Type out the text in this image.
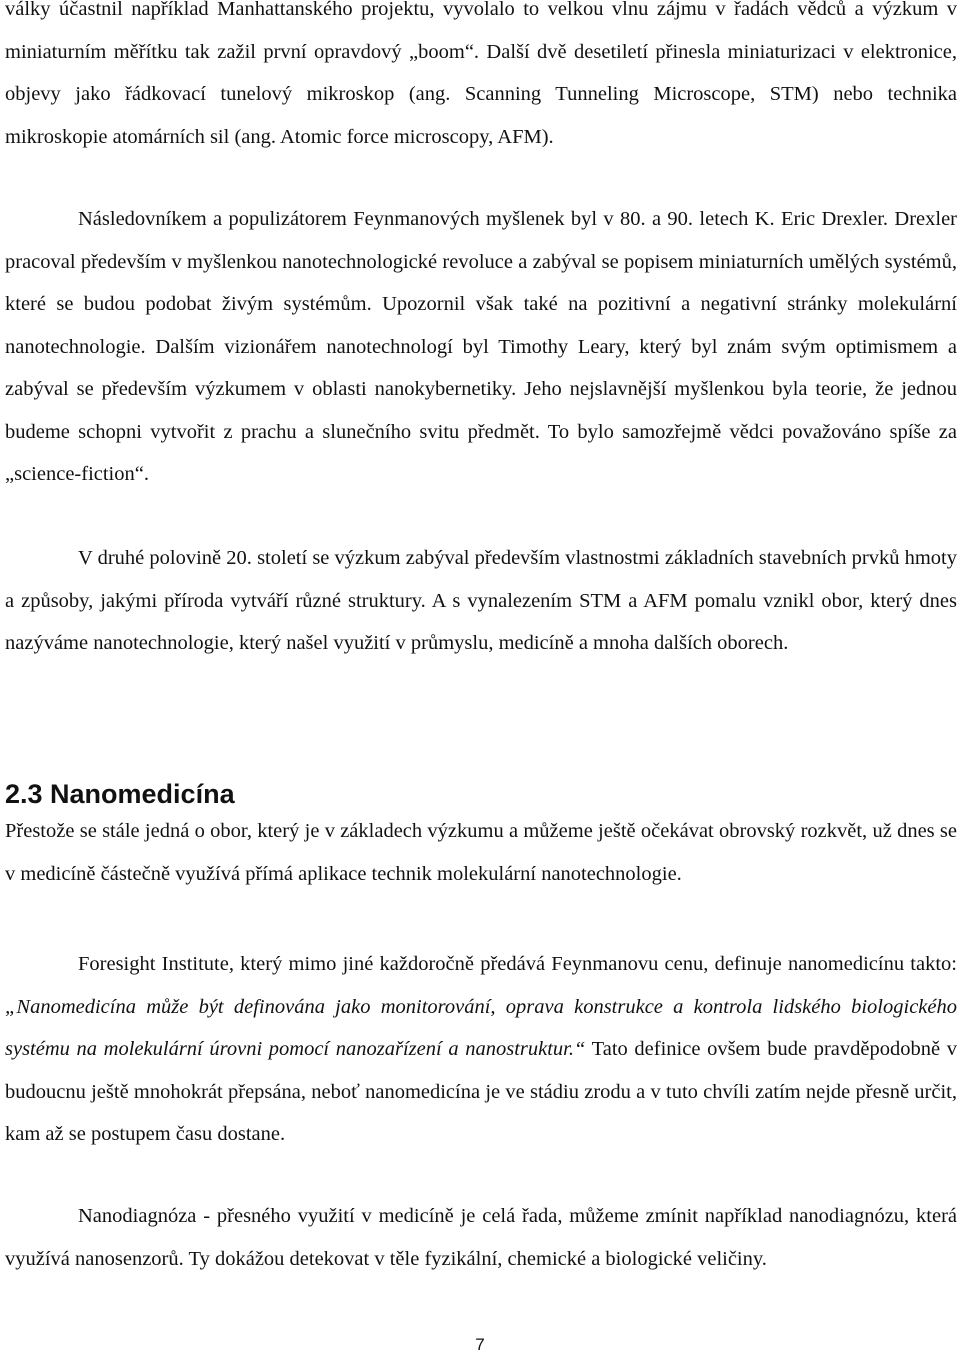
války účastnil například Manhattanského projektu, vyvolalo to velkou vlnu zájmu v řadách vědců a výzkum v miniaturním měřítku tak zažil první opravdový „boom“. Další dvě desetiletí přinesla miniaturizaci v elektronice, objevy jako řádkovací tunelový mikroskop (ang. Scanning Tunneling Microscope, STM) nebo technika mikroskopie atomárních sil (ang. Atomic force microscopy, AFM).

Následovníkem a populizátorem Feynmanových myšlenek byl v 80. a 90. letech K. Eric Drexler. Drexler pracoval především v myšlenkou nanotechnologické revoluce a zabýval se popisem miniaturních umělých systémů, které se budou podobat živým systémům. Upozornil však také na pozitivní a negativní stránky molekulární nanotechnologie. Dalším vizionářem nanotechnologí byl Timothy Leary, který byl znám svým optimismem a zabýval se především výzkumem v oblasti nanokybernetiky. Jeho nejslavnější myšlenkou byla teorie, že jednou budeme schopni vytvořit z prachu a slunečního svitu předmět. To bylo samozřejmě vědci považováno spíše za „science-fiction“.

V druhé polovině 20. století se výzkum zabýval především vlastnostmi základních stavebních prvků hmoty a způsoby, jakými příroda vytváří různé struktury. A s vynalezením STM a AFM pomalu vznikl obor, který dnes nazýváme nanotechnologie, který našel využití v průmyslu, medicíně a mnoha dalších oborech.

2.3 Nanomedicína

Přestože se stále jedná o obor, který je v základech výzkumu a můžeme ještě očekávat obrovský rozkvět, už dnes se v medicíně částečně využívá přímá aplikace technik molekulární nanotechnologie.

Foresight Institute, který mimo jiné každoročně předává Feynmanovu cenu, definuje nanomedicínu takto: „Nanomedicína může být definována jako monitorování, oprava konstrukce a kontrola lidského biologického systému na molekulární úrovni pomocí nanozařízení a nanostruktur.“ Tato definice ovšem bude pravděpodobně v budoucnu ještě mnohokrát přepsána, neboť nanomedicína je ve stádiu zrodu a v tuto chvíli zatím nejde přesně určit, kam až se postupem času dostane.

Nanodiagnóza - přesného využití v medicíně je celá řada, můžeme zmínit například nanodiagnózu, která využívá nanosenzorů. Ty dokážou detekovat v těle fyzikální, chemické a biologické veličiny.

7
